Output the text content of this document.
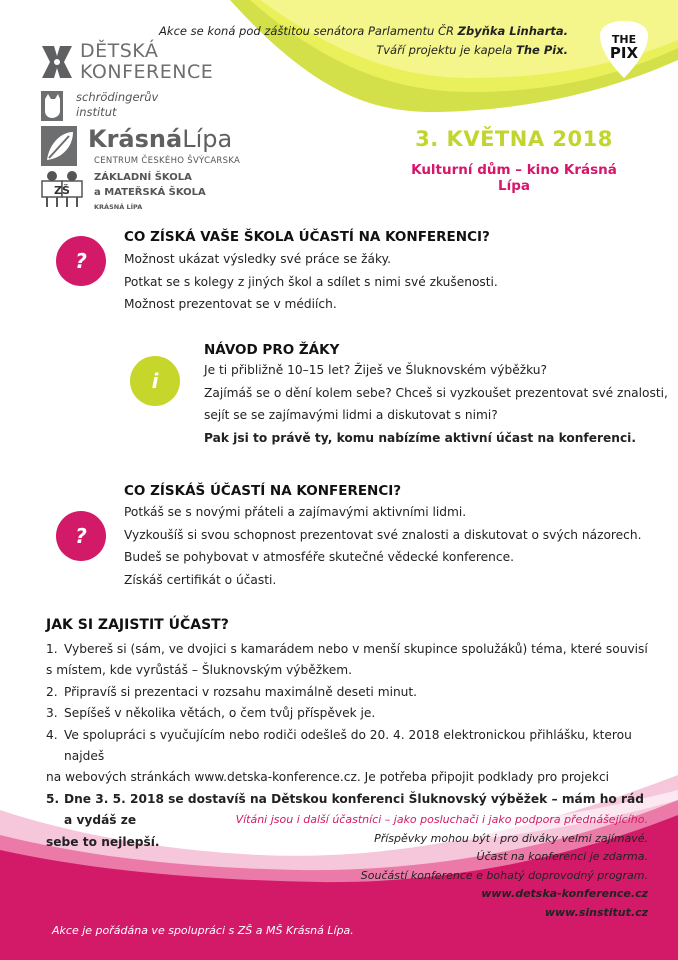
Akce se koná pod záštitou senátora Parlamentu ČR Zbyňka Linharta.
Tváří projektu je kapela The Pix.
THE
PIX
DĚTSKÁ
KONFERENCE
schrödingerův
institut
KrásnáLípa
CENTRUM ČESKÉHO ŠVÝCARSKA
ZŠ
ZÁKLADNÍ ŠKOLA
a MATEŘSKÁ ŠKOLA
KRÁSNÁ LÍPA
3. KVĚTNA 2018
Kulturní dům – kino Krásná Lípa
?
CO ZÍSKÁ VAŠE ŠKOLA ÚČASTÍ NA KONFERENCI?
Možnost ukázat výsledky své práce se žáky.
Potkat se s kolegy z jiných škol a sdílet s nimi své zkušenosti.
Možnost prezentovat se v médiích.
i
NÁVOD PRO ŽÁKY
Je ti přibližně 10–15 let? Žiješ ve Šluknovském výběžku?
Zajímáš se o dění kolem sebe? Chceš si vyzkoušet prezentovat své znalosti,
sejít se se zajímavými lidmi a diskutovat s nimi?
Pak jsi to právě ty, komu nabízíme aktivní účast na konferenci.
?
CO ZÍSKÁŠ ÚČASTÍ NA KONFERENCI?
Potkáš se s novými přáteli a zajímavými aktivními lidmi.
Vyzkoušíš si svou schopnost prezentovat své znalosti a diskutovat o svých názorech.
Budeš se pohybovat v atmosféře skutečné vědecké konference.
Získáš certifikát o účasti.
JAK SI ZAJISTIT ÚČAST?
1. Vybereš si (sám, ve dvojici s kamarádem nebo v menší skupince spolužáků) téma, které souvisí
s místem, kde vyrůstáš – Šluknovským výběžkem.
2. Připravíš si prezentaci v rozsahu maximálně deseti minut.
3. Sepíšeš v několika větách, o čem tvůj příspěvek je.
4. Ve spolupráci s vyučujícím nebo rodiči odešleš do 20. 4. 2018 elektronickou přihlášku, kterou najdeš
na webových stránkách www.detska-konference.cz. Je potřeba připojit podklady pro projekci
5. Dne 3. 5. 2018 se dostavíš na Dětskou konferenci Šluknovský výběžek – mám ho rád a vydáš ze
sebe to nejlepší.
Vítáni jsou i další účastníci – jako posluchači i jako podpora přednášejícího.
Příspěvky mohou být i pro diváky velmi zajímavé.
Účast na konferenci je zdarma.
Součástí konference e bohatý doprovodný program.
www.detska-konference.cz
www.sinstitut.cz
Akce je pořádána ve spolupráci s ZŠ a MŠ Krásná Lípa.
